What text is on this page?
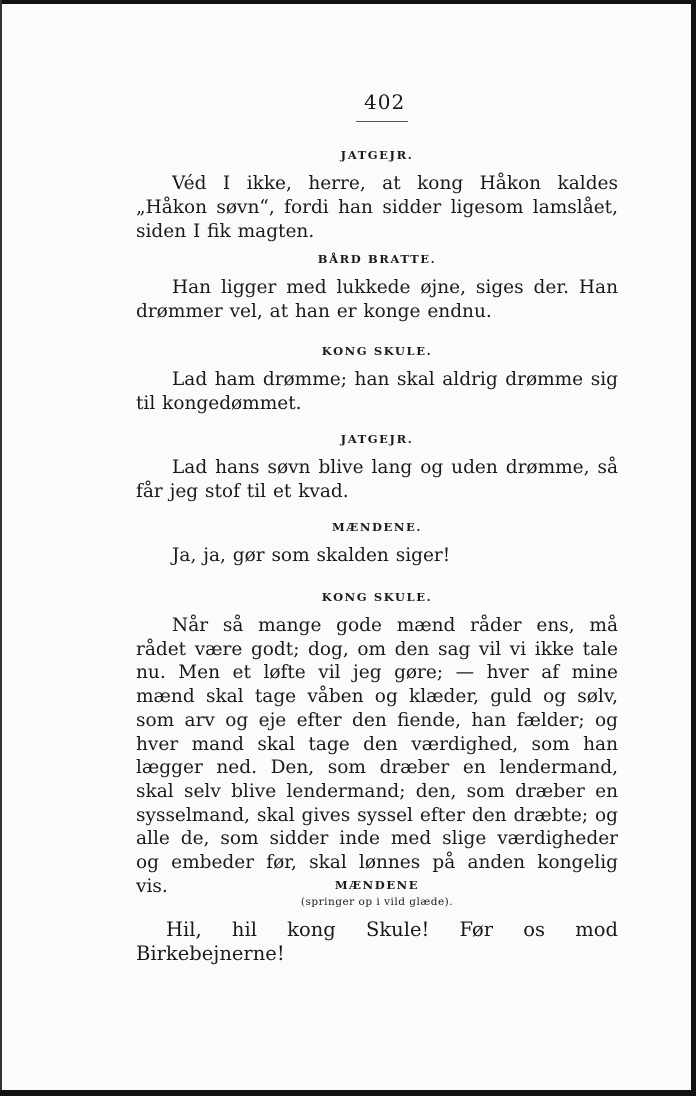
402

JATGEJR.

Véd I ikke, herre, at kong Håkon kaldes „Håkon søvn“, fordi han sidder ligesom lamslået, siden I fik magten.

BÅRD BRATTE.

Han ligger med lukkede øjne, siges der. Han drømmer vel, at han er konge endnu.

KONG SKULE.

Lad ham drømme; han skal aldrig drømme sig til kongedømmet.

JATGEJR.

Lad hans søvn blive lang og uden drømme, så får jeg stof til et kvad.

MÆNDENE.

Ja, ja, gør som skalden siger!

KONG SKULE.

Når så mange gode mænd råder ens, må rådet være godt; dog, om den sag vil vi ikke tale nu. Men et løfte vil jeg gøre; — hver af mine mænd skal tage våben og klæder, guld og sølv, som arv og eje efter den fiende, han fælder; og hver mand skal tage den værdighed, som han lægger ned. Den, som dræber en lendermand, skal selv blive lendermand; den, som dræber en sysselmand, skal gives syssel efter den dræbte; og alle de, som sidder inde med slige værdigheder og embeder før, skal lønnes på anden kongelig vis.	MÆNDENE

(springer op i vild glæde).

Hil, hil kong Skule! Før os mod Birkebejnerne!
